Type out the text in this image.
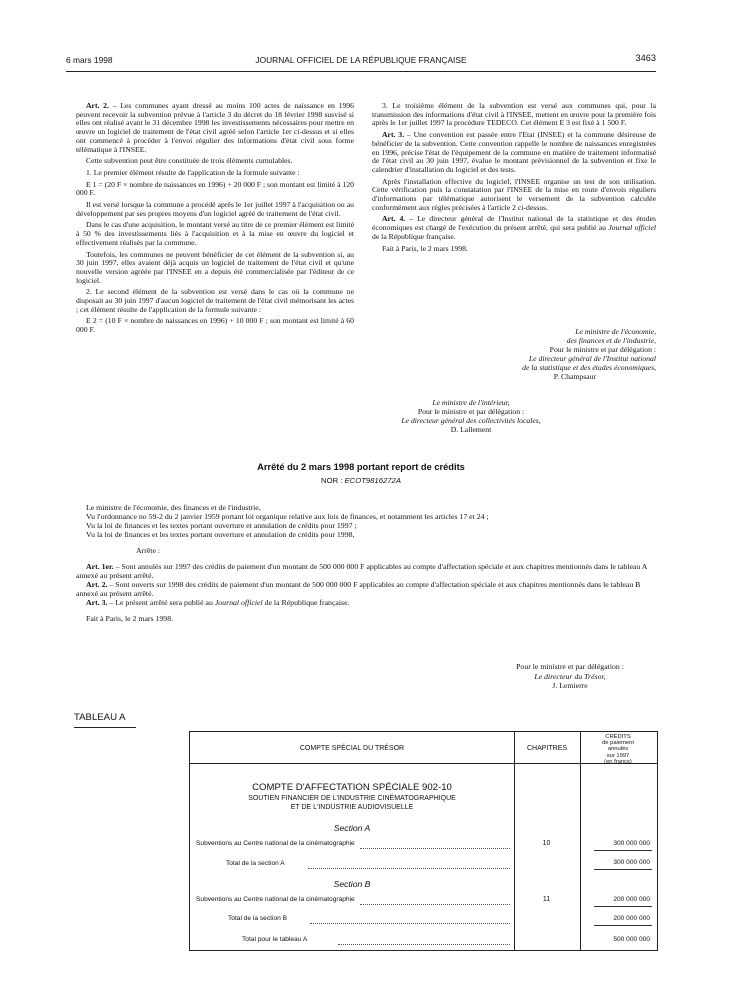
6 mars 1998	JOURNAL OFFICIEL DE LA RÉPUBLIQUE FRANÇAISE	3463

Art. 2. – Les communes ayant dressé au moins 100 actes de naissance en 1996 peuvent recevoir la subvention prévue à l'article 3 du décret du 18 février 1998 susvisé si elles ont réalisé avant le 31 décembre 1998 les investissements nécessaires pour mettre en œuvre un logiciel de traitement de l'état civil agréé selon l'article 1er ci-dessus et si elles ont commencé à procéder à l'envoi régulier des informations d'état civil sous forme télématique à l'INSEE.

Cette subvention peut être constituée de trois éléments cumulables.

1. Le premier élément résulte de l'application de la formule suivante :

E 1 = (20 F × nombre de naissances en 1996) + 20 000 F ; son montant est limité à 120 000 F.

Il est versé lorsque la commune a procédé après le 1er juillet 1997 à l'acquisition ou au développement par ses propres moyens d'un logiciel agréé de traitement de l'état civil.

Dans le cas d'une acquisition, le montant versé au titre de ce premier élément est limité à 50 % des investissements liés à l'acquisition et à la mise en œuvre du logiciel et effectivement réalisés par la commune.

Toutefois, les communes ne peuvent bénéficier de cet élément de la subvention si, au 30 juin 1997, elles avaient déjà acquis un logiciel de traitement de l'état civil et qu'une nouvelle version agréée par l'INSEE en a depuis été commercialisée par l'éditeur de ce logiciel.

2. Le second élément de la subvention est versé dans le cas où la commune ne disposait au 30 juin 1997 d'aucun logiciel de traitement de l'état civil mémorisant les actes ; cet élément résulte de l'application de la formule suivante :

E 2 = (10 F × nombre de naissances en 1996) + 10 000 F ; son montant est limité à 60 000 F.

3. Le troisième élément de la subvention est versé aux communes qui, pour la transmission des informations d'état civil à l'INSEE, mettent en œuvre pour la première fois après le 1er juillet 1997 la procédure TEDECO. Cet élément E 3 est fixé à 1 500 F.

Art. 3. – Une convention est passée entre l'Etat (INSEE) et la commune désireuse de bénéficier de la subvention. Cette convention rappelle le nombre de naissances enregistrées en 1996, précise l'état de l'équipement de la commune en matière de traitement informatisé de l'état civil au 30 juin 1997, évalue le montant prévisionnel de la subvention et fixe le calendrier d'installation du logiciel et des tests.

Après l'installation effective du logiciel, l'INSEE organise un test de son utilisation. Cette vérification puis la constatation par l'INSEE de la mise en route d'envois réguliers d'informations par télématique autorisent le versement de la subvention calculée conformément aux règles précisées à l'article 2 ci-dessus.

Art. 4. – Le directeur général de l'Institut national de la statistique et des études économiques est chargé de l'exécution du présent arrêté, qui sera publié au Journal officiel de la République française.

Fait à Paris, le 2 mars 1998.

Le ministre de l'économie,
des finances et de l'industrie,
Pour le ministre et par délégation :
Le directeur général de l'Institut national
de la statistique et des études économiques,
P. Champsaur
Le ministre de l'intérieur,
Pour le ministre et par délégation :
Le directeur général des collectivités locales,
D. Lallement
Arrêté du 2 mars 1998 portant report de crédits
NOR : ECOT9816272A

Le ministre de l'économie, des finances et de l'industrie,

Vu l'ordonnance no 59-2 du 2 janvier 1959 portant loi organique relative aux lois de finances, et notamment les articles 17 et 24 ;

Vu la loi de finances et les textes portant ouverture et annulation de crédits pour 1997 ;

Vu la loi de finances et les textes portant ouverture et annulation de crédits pour 1998,

Arrête :

Art. 1er. – Sont annulés sur 1997 des crédits de paiement d'un montant de 500 000 000 F applicables au compte d'affectation spéciale et aux chapitres mentionnés dans le tableau A annexé au présent arrêté.

Art. 2. – Sont ouverts sur 1998 des crédits de paiement d'un montant de 500 000 000 F applicables au compte d'affectation spéciale et aux chapitres mentionnés dans le tableau B annexé au présent arrêté.

Art. 3. – Le présent arrêté sera publié au Journal officiel de la République française.

Fait à Paris, le 2 mars 1998.

Pour le ministre et par délégation :
Le directeur du Trésor,
J. Lemierre
TABLEAU A
COMPTE SPÉCIAL DU TRÉSOR	CHAPITRES
CRÉDITS
de paiement
annulés
sur 1997
(en francs)
COMPTE D'AFFECTATION SPÉCIALE 902-10
SOUTIEN FINANCIER DE L'INDUSTRIE CINÉMATOGRAPHIQUE
ET DE L'INDUSTRIE AUDIOVISUELLE
Section A
Subventions au Centre national de la cinématographie	10	300 000 000
Total de la section A	300 000 000
Section B
Subventions au Centre national de la cinématographie	11	200 000 000
Total de la section B	200 000 000
Total pour le tableau A	500 000 000
